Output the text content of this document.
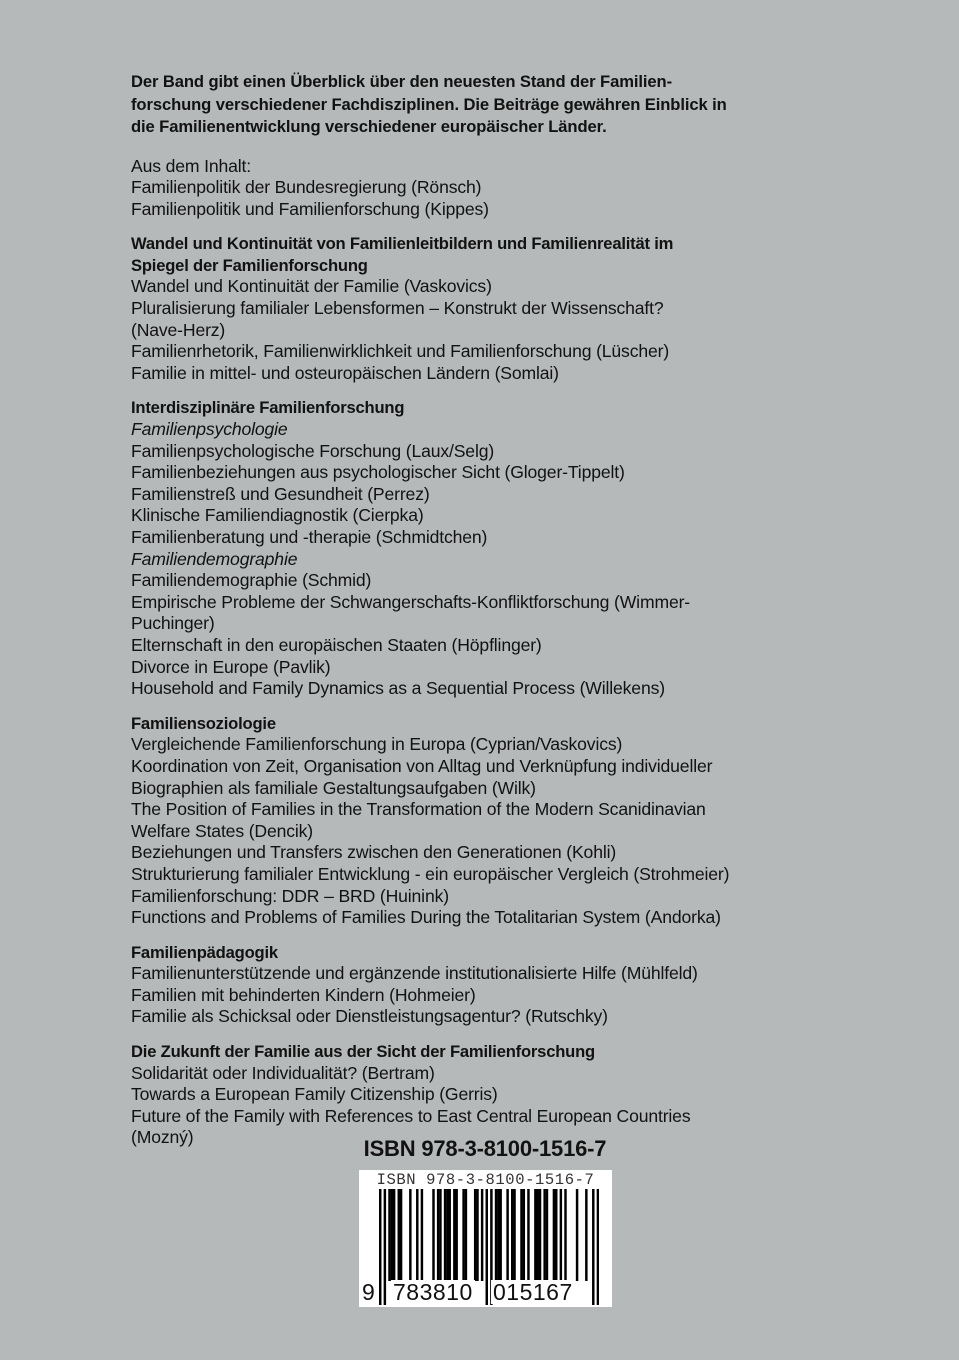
Der Band gibt einen Überblick über den neuesten Stand der Familien-
forschung verschiedener Fachdisziplinen. Die Beiträge gewähren Einblick in
die Familienentwicklung verschiedener europäischer Länder.
Aus dem Inhalt:
Familienpolitik der Bundesregierung (Rönsch)
Familienpolitik und Familienforschung (Kippes)
Wandel und Kontinuität von Familienleitbildern und Familienrealität im
Spiegel der Familienforschung
Wandel und Kontinuität der Familie (Vaskovics)
Pluralisierung familialer Lebensformen – Konstrukt der Wissenschaft?
(Nave-Herz)
Familienrhetorik, Familienwirklichkeit und Familienforschung (Lüscher)
Familie in mittel- und osteuropäischen Ländern (Somlai)
Interdisziplinäre Familienforschung
Familienpsychologie
Familienpsychologische Forschung (Laux/Selg)
Familienbeziehungen aus psychologischer Sicht (Gloger-Tippelt)
Familienstreß und Gesundheit (Perrez)
Klinische Familiendiagnostik (Cierpka)
Familienberatung und -therapie (Schmidtchen)
Familiendemographie
Familiendemographie (Schmid)
Empirische Probleme der Schwangerschafts-Konfliktforschung (Wimmer-
Puchinger)
Elternschaft in den europäischen Staaten (Höpflinger)
Divorce in Europe (Pavlik)
Household and Family Dynamics as a Sequential Process (Willekens)
Familiensoziologie
Vergleichende Familienforschung in Europa (Cyprian/Vaskovics)
Koordination von Zeit, Organisation von Alltag und Verknüpfung individueller
Biographien als familiale Gestaltungsaufgaben (Wilk)
The Position of Families in the Transformation of the Modern Scanidinavian
Welfare States (Dencik)
Beziehungen und Transfers zwischen den Generationen (Kohli)
Strukturierung familialer Entwicklung - ein europäischer Vergleich (Strohmeier)
Familienforschung: DDR – BRD (Huinink)
Functions and Problems of Families During the Totalitarian System (Andorka)
Familienpädagogik
Familienunterstützende und ergänzende institutionalisierte Hilfe (Mühlfeld)
Familien mit behinderten Kindern (Hohmeier)
Familie als Schicksal oder Dienstleistungsagentur? (Rutschky)
Die Zukunft der Familie aus der Sicht der Familienforschung
Solidarität oder Individualität? (Bertram)
Towards a European Family Citizenship (Gerris)
Future of the Family with References to East Central European Countries
(Mozný)	ISBN 978-3-8100-1516-7
ISBN 978-3-8100-1516-7
9 783810 015167
